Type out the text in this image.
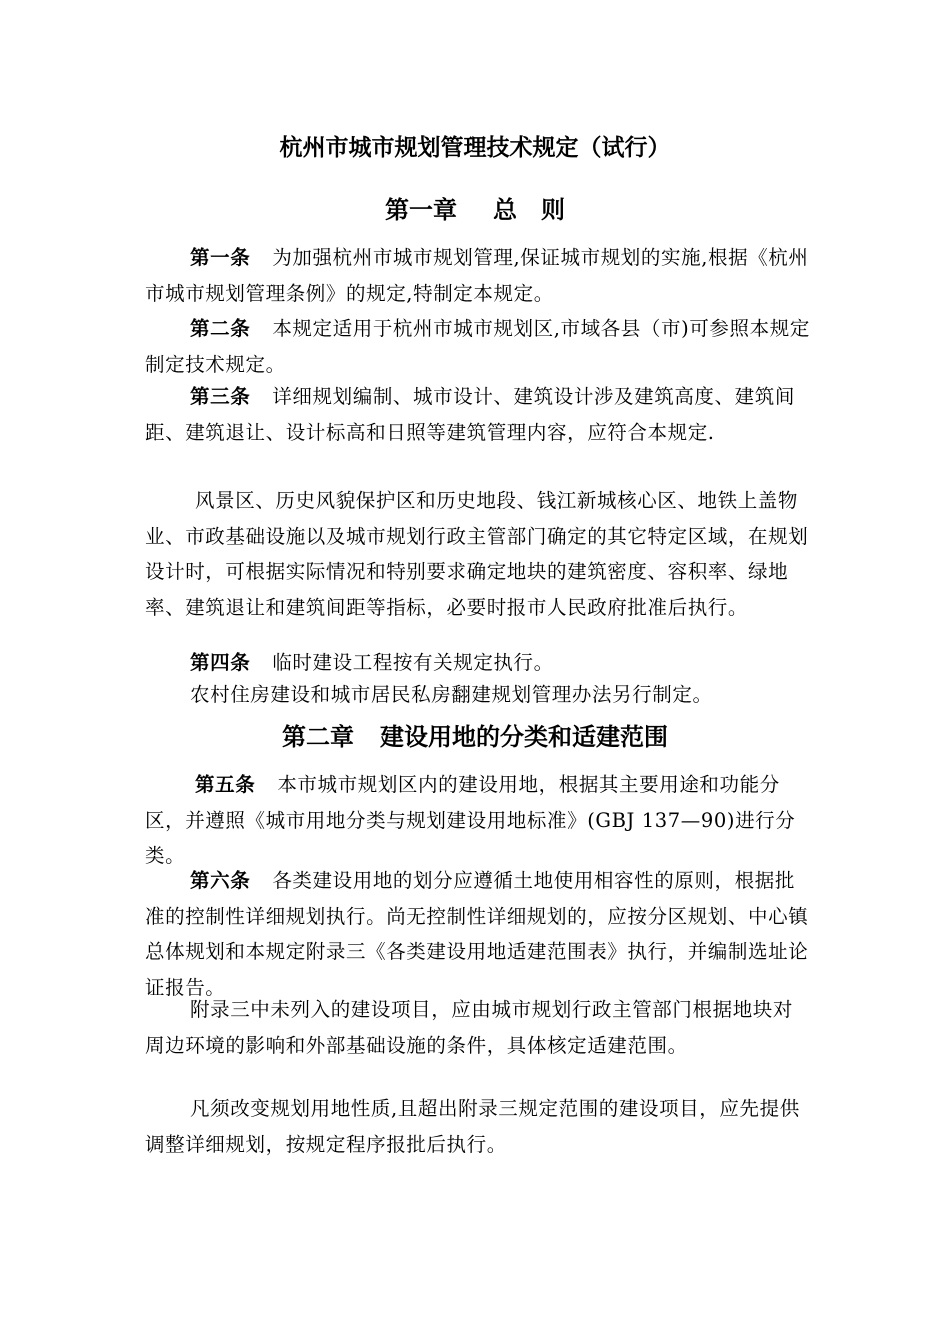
杭州市城市规划管理技术规定（试行）
第一章 总　则
第一条 为加强杭州市城市规划管理,保证城市规划的实施,根据《杭州市城市规划管理条例》的规定,特制定本规定。
第二条 本规定适用于杭州市城市规划区,市域各县（市)可参照本规定制定技术规定。
第三条 详细规划编制、城市设计、建筑设计涉及建筑高度、建筑间距、建筑退让、设计标高和日照等建筑管理内容，应符合本规定.
风景区、历史风貌保护区和历史地段、钱江新城核心区、地铁上盖物业、市政基础设施以及城市规划行政主管部门确定的其它特定区域，在规划设计时，可根据实际情况和特别要求确定地块的建筑密度、容积率、绿地率、建筑退让和建筑间距等指标，必要时报市人民政府批准后执行。
第四条 临时建设工程按有关规定执行。
农村住房建设和城市居民私房翻建规划管理办法另行制定。
第二章 建设用地的分类和适建范围
第五条 本市城市规划区内的建设用地，根据其主要用途和功能分区，并遵照《城市用地分类与规划建设用地标准》(GBJ 137—90)进行分类。
第六条 各类建设用地的划分应遵循土地使用相容性的原则，根据批准的控制性详细规划执行。尚无控制性详细规划的，应按分区规划、中心镇总体规划和本规定附录三《各类建设用地适建范围表》执行，并编制选址论证报告。
附录三中未列入的建设项目，应由城市规划行政主管部门根据地块对周边环境的影响和外部基础设施的条件，具体核定适建范围。
凡须改变规划用地性质,且超出附录三规定范围的建设项目，应先提供调整详细规划，按规定程序报批后执行。
